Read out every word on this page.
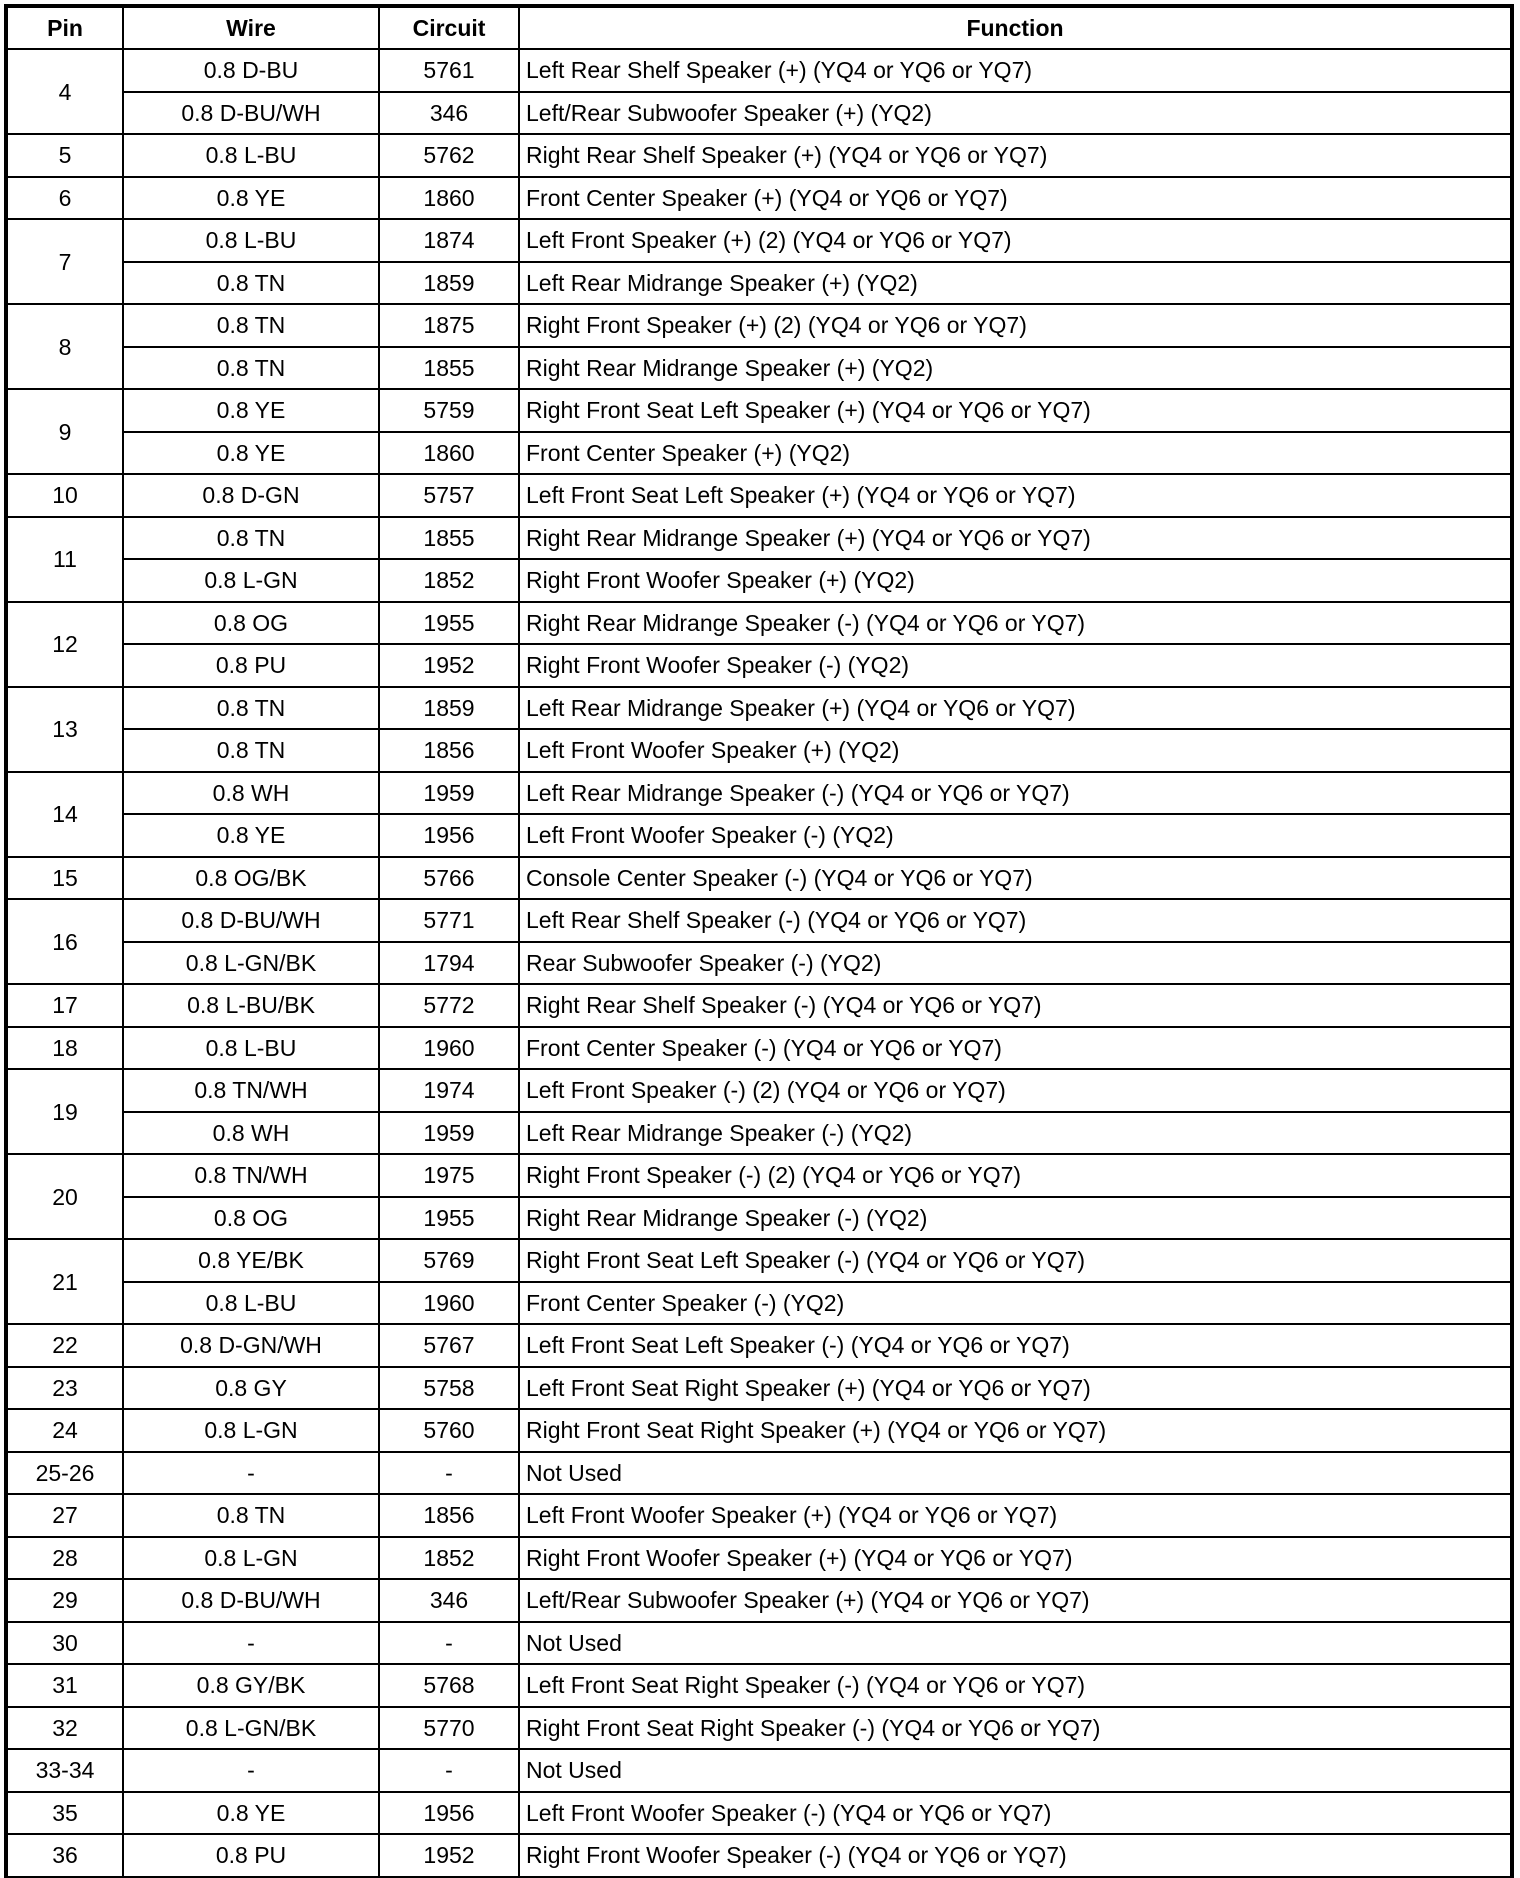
Pin	Wire	Circuit	Function
4	0.8 D-BU	5761	Left Rear Shelf Speaker (+) (YQ4 or YQ6 or YQ7)
	0.8 D-BU/WH	346	Left/Rear Subwoofer Speaker (+) (YQ2)
5	0.8 L-BU	5762	Right Rear Shelf Speaker (+) (YQ4 or YQ6 or YQ7)
6	0.8 YE	1860	Front Center Speaker (+) (YQ4 or YQ6 or YQ7)
7	0.8 L-BU	1874	Left Front Speaker (+) (2) (YQ4 or YQ6 or YQ7)
	0.8 TN	1859	Left Rear Midrange Speaker (+) (YQ2)
8	0.8 TN	1875	Right Front Speaker (+) (2) (YQ4 or YQ6 or YQ7)
	0.8 TN	1855	Right Rear Midrange Speaker (+) (YQ2)
9	0.8 YE	5759	Right Front Seat Left Speaker (+) (YQ4 or YQ6 or YQ7)
	0.8 YE	1860	Front Center Speaker (+) (YQ2)
10	0.8 D-GN	5757	Left Front Seat Left Speaker (+) (YQ4 or YQ6 or YQ7)
11	0.8 TN	1855	Right Rear Midrange Speaker (+) (YQ4 or YQ6 or YQ7)
	0.8 L-GN	1852	Right Front Woofer Speaker (+) (YQ2)
12	0.8 OG	1955	Right Rear Midrange Speaker (-) (YQ4 or YQ6 or YQ7)
	0.8 PU	1952	Right Front Woofer Speaker (-) (YQ2)
13	0.8 TN	1859	Left Rear Midrange Speaker (+) (YQ4 or YQ6 or YQ7)
	0.8 TN	1856	Left Front Woofer Speaker (+) (YQ2)
14	0.8 WH	1959	Left Rear Midrange Speaker (-) (YQ4 or YQ6 or YQ7)
	0.8 YE	1956	Left Front Woofer Speaker (-) (YQ2)
15	0.8 OG/BK	5766	Console Center Speaker (-) (YQ4 or YQ6 or YQ7)
16	0.8 D-BU/WH	5771	Left Rear Shelf Speaker (-) (YQ4 or YQ6 or YQ7)
	0.8 L-GN/BK	1794	Rear Subwoofer Speaker (-) (YQ2)
17	0.8 L-BU/BK	5772	Right Rear Shelf Speaker (-) (YQ4 or YQ6 or YQ7)
18	0.8 L-BU	1960	Front Center Speaker (-) (YQ4 or YQ6 or YQ7)
19	0.8 TN/WH	1974	Left Front Speaker (-) (2) (YQ4 or YQ6 or YQ7)
	0.8 WH	1959	Left Rear Midrange Speaker (-) (YQ2)
20	0.8 TN/WH	1975	Right Front Speaker (-) (2) (YQ4 or YQ6 or YQ7)
	0.8 OG	1955	Right Rear Midrange Speaker (-) (YQ2)
21	0.8 YE/BK	5769	Right Front Seat Left Speaker (-) (YQ4 or YQ6 or YQ7)
	0.8 L-BU	1960	Front Center Speaker (-) (YQ2)
22	0.8 D-GN/WH	5767	Left Front Seat Left Speaker (-) (YQ4 or YQ6 or YQ7)
23	0.8 GY	5758	Left Front Seat Right Speaker (+) (YQ4 or YQ6 or YQ7)
24	0.8 L-GN	5760	Right Front Seat Right Speaker (+) (YQ4 or YQ6 or YQ7)
25-26	-	-	Not Used
27	0.8 TN	1856	Left Front Woofer Speaker (+) (YQ4 or YQ6 or YQ7)
28	0.8 L-GN	1852	Right Front Woofer Speaker (+) (YQ4 or YQ6 or YQ7)
29	0.8 D-BU/WH	346	Left/Rear Subwoofer Speaker (+) (YQ4 or YQ6 or YQ7)
30	-	-	Not Used
31	0.8 GY/BK	5768	Left Front Seat Right Speaker (-) (YQ4 or YQ6 or YQ7)
32	0.8 L-GN/BK	5770	Right Front Seat Right Speaker (-) (YQ4 or YQ6 or YQ7)
33-34	-	-	Not Used
35	0.8 YE	1956	Left Front Woofer Speaker (-) (YQ4 or YQ6 or YQ7)
36	0.8 PU	1952	Right Front Woofer Speaker (-) (YQ4 or YQ6 or YQ7)
